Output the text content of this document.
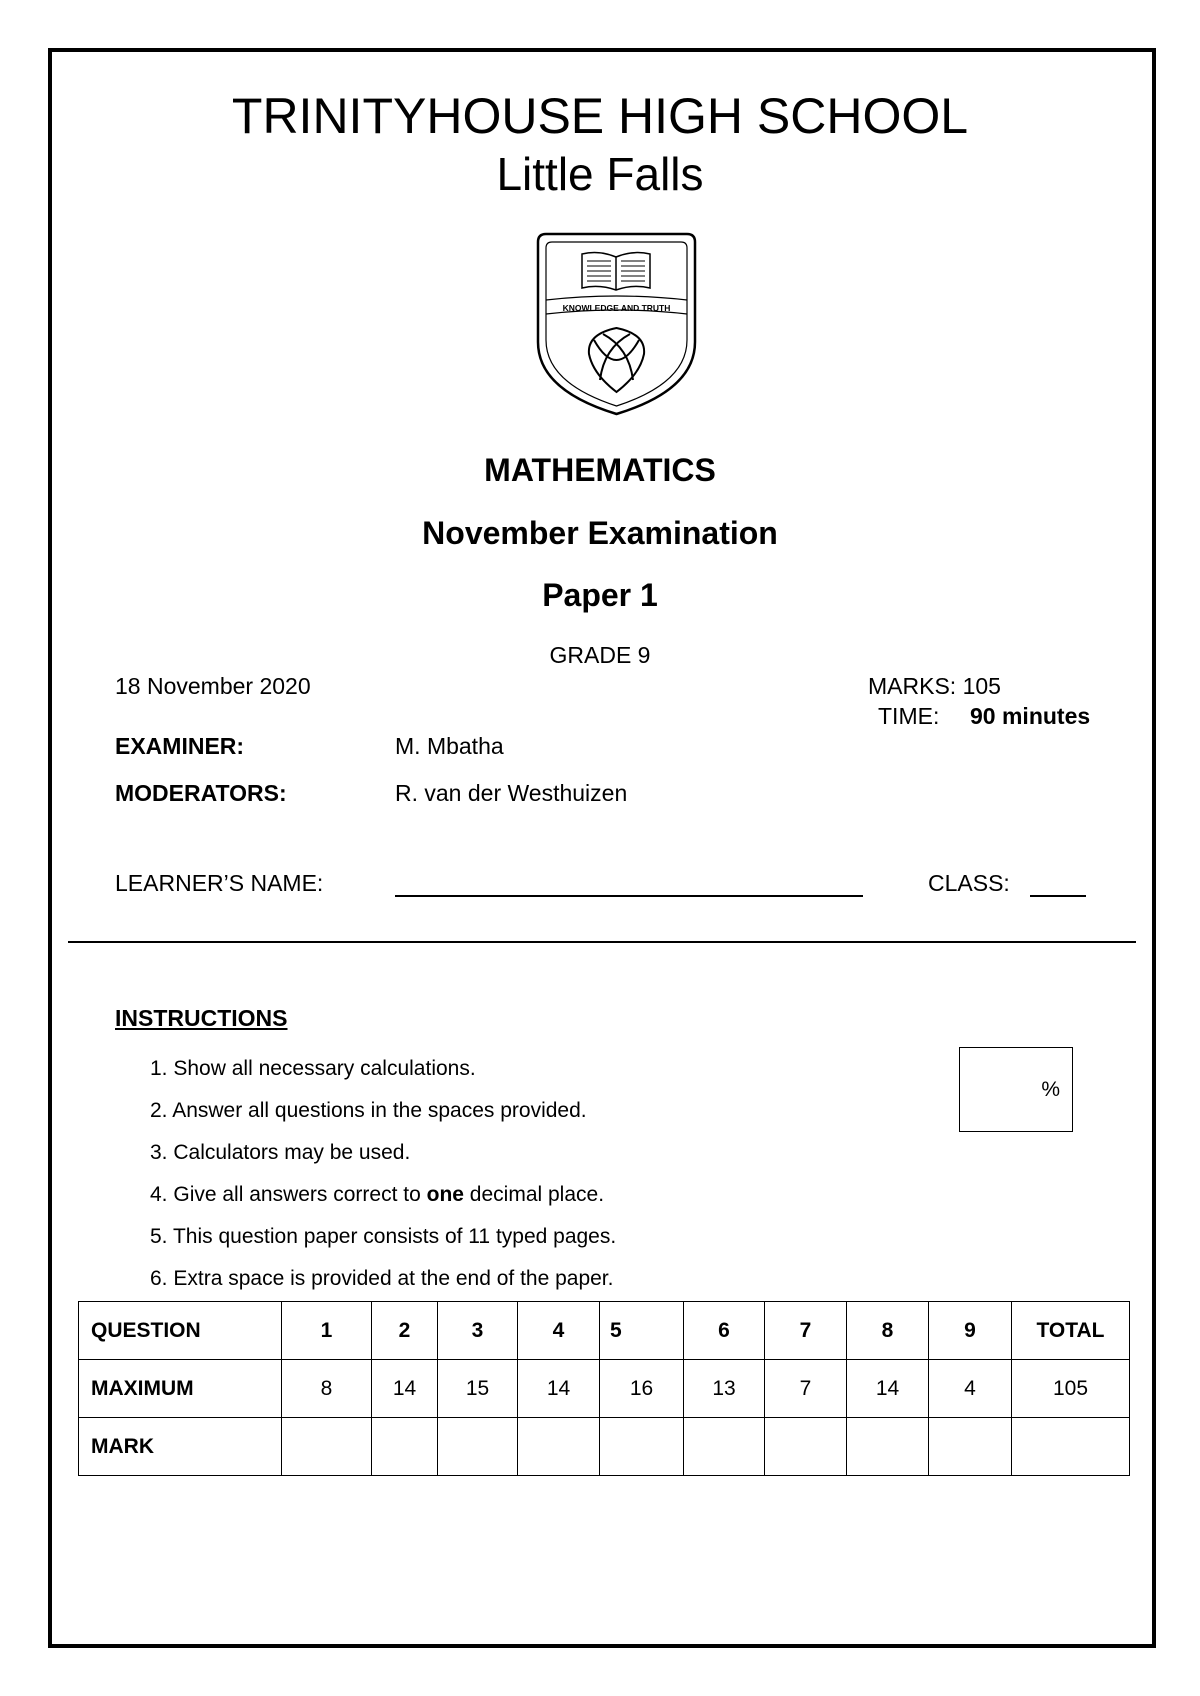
TRINITYHOUSE HIGH SCHOOL
Little Falls
KNOWLEDGE AND TRUTH
MATHEMATICS
November Examination
Paper 1
GRADE 9
18 November 2020	MARKS: 105
TIME: 90 minutes
EXAMINER:	M. Mbatha
MODERATORS:	R. van der Westhuizen
LEARNER’S NAME:	CLASS:
INSTRUCTIONS
1. Show all necessary calculations.
2. Answer all questions in the spaces provided.
3. Calculators may be used.
4. Give all answers correct to one decimal place.
5. This question paper consists of 11 typed pages.
6. Extra space is provided at the end of the paper.
%
QUESTION	1	2	3	4	5	6	7	8	9	TOTAL
MAXIMUM	8	14	15	14	16	13	7	14	4	105
MARK										
